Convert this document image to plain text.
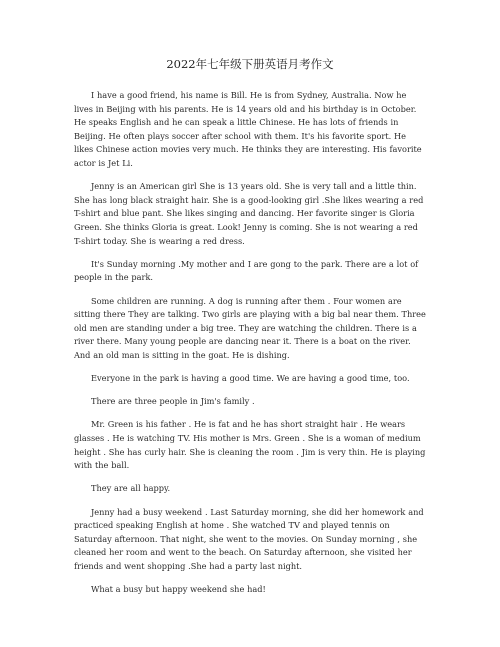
2022年七年级下册英语月考作文

I have a good friend, his name is Bill. He is from Sydney, Australia. Now he lives in Beijing with his parents. He is 14 years old and his birthday is in October. He speaks English and he can speak a little Chinese. He has lots of friends in Beijing. He often plays soccer after school with them. It's his favorite sport. He likes Chinese action movies very much. He thinks they are interesting. His favorite actor is Jet Li.

Jenny is an American girl She is 13 years old. She is very tall and a little thin. She has long black straight hair. She is a good-looking girl .She likes wearing a red T-shirt and blue pant. She likes singing and dancing. Her favorite singer is Gloria Green. She thinks Gloria is great. Look! Jenny is coming. She is not wearing a red T-shirt today. She is wearing a red dress.

It's Sunday morning .My mother and I are gong to the park. There are a lot of people in the park.

Some children are running. A dog is running after them . Four women are sitting there They are talking. Two girls are playing with a big bal near them. Three old men are standing under a big tree. They are watching the children. There is a river there. Many young people are dancing near it. There is a boat on the river. And an old man is sitting in the goat. He is dishing.

Everyone in the park is having a good time. We are having a good time, too.

There are three people in Jim's family .

Mr. Green is his father . He is fat and he has short straight hair . He wears glasses . He is watching TV. His mother is Mrs. Green . She is a woman of medium height . She has curly hair. She is cleaning the room . Jim is very thin. He is playing with the ball.

They are all happy.

Jenny had a busy weekend . Last Saturday morning, she did her homework and practiced speaking English at home . She watched TV and played tennis on Saturday afternoon. That night, she went to the movies. On Sunday morning , she cleaned her room and went to the beach. On Saturday afternoon, she visited her friends and went shopping .She had a party last night.

What a busy but happy weekend she had!
